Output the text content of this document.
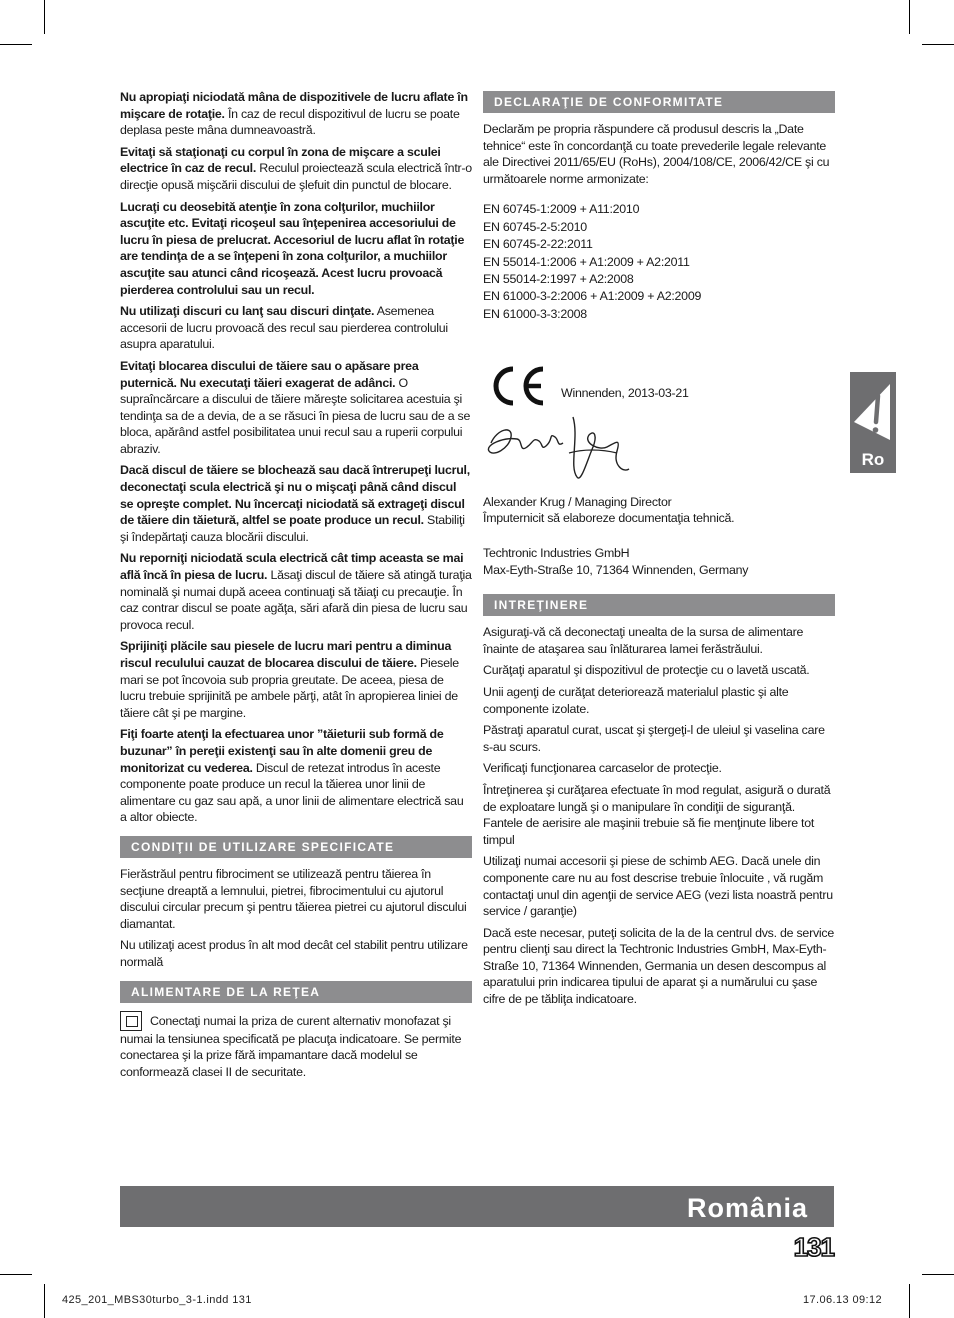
Nu apropiaţi niciodată mâna de dispozitivele de lucru aflate în mişcare de rotaţie. În caz de recul dispozitivul de lucru se poate deplasa peste mâna dumneavoastră.
Evitaţi să staţionaţi cu corpul în zona de mişcare a sculei electrice în caz de recul. Reculul proiectează scula electrică într-o direcţie opusă mişcării discului de şlefuit din punctul de blocare.
Lucraţi cu deosebită atenţie în zona colţurilor, muchiilor ascuţite etc. Evitaţi ricoşeul sau înţepenirea accesoriului de lucru în piesa de prelucrat. Accesoriul de lucru aflat în rotaţie are tendinţa de a se înţepeni în zona colţurilor, a muchiilor ascuţite sau atunci când ricoşează. Acest lucru provoacă pierderea controlului sau un recul.
Nu utilizaţi discuri cu lanţ sau discuri dinţate. Asemenea accesorii de lucru provoacă des recul sau pierderea controlului asupra aparatului.
Evitaţi blocarea discului de tăiere sau o apăsare prea puternică. Nu executaţi tăieri exagerat de adânci. O supraîncărcare a discului de tăiere măreşte solicitarea acestuia şi tendinţa sa de a devia, de a se răsuci în piesa de lucru sau de a se bloca, apărând astfel posibilitatea unui recul sau a ruperii corpului abraziv.
Dacă discul de tăiere se blochează sau dacă întrerupeţi lucrul, deconectaţi scula electrică şi nu o mişcaţi până când discul se opreşte complet. Nu încercaţi niciodată să extrageţi discul de tăiere din tăietură, altfel se poate produce un recul. Stabiliţi şi îndepărtaţi cauza blocării discului.
Nu reporniţi niciodată scula electrică cât timp aceasta se mai află încă în piesa de lucru. Lăsaţi discul de tăiere să atingă turaţia nominală şi numai după aceea continuaţi să tăiaţi cu precauţie. În caz contrar discul se poate agăţa, sări afară din piesa de lucru sau provoca recul.
Sprijiniţi plăcile sau piesele de lucru mari pentru a diminua riscul reculului cauzat de blocarea discului de tăiere. Piesele mari se pot încovoia sub propria greutate. De aceea, piesa de lucru trebuie sprijinită pe ambele părţi, atât în apropierea liniei de tăiere cât şi pe margine.
Fiţi foarte atenţi la efectuarea unor ”tăieturii sub formă de buzunar” în pereţii existenţi sau în alte domenii greu de monitorizat cu vederea. Discul de retezat introdus în aceste componente poate produce un recul la tăierea unor linii de alimentare cu gaz sau apă, a unor linii de alimentare electrică sau a altor obiecte.
CONDIŢII DE UTILIZARE SPECIFICATE
Fierăstrăul pentru fibrociment se utilizează pentru tăierea în secţiune dreaptă a lemnului, pietrei, fibrocimentului cu ajutorul discului circular precum şi pentru tăierea pietrei cu ajutorul discului diamantat.
Nu utilizaţi acest produs în alt mod decât cel stabilit pentru utilizare normală
ALIMENTARE DE LA REŢEA
Conectaţi numai la priza de curent alternativ monofazat şi numai la tensiunea specificată pe placuţa indicatoare. Se permite conectarea şi la prize fără impamantare dacă modelul se conformează clasei II de securitate.
DECLARAŢIE DE CONFORMITATE
Declarăm pe propria răspundere că produsul descris la „Date tehnice“ este în concordanţă cu toate prevederile legale relevante ale Directivei 2011/65/EU (RoHs), 2004/108/CE, 2006/42/CE şi cu următoarele norme armonizate:
EN 60745-1:2009 + A11:2010
EN 60745-2-5:2010
EN 60745-2-22:2011
EN 55014-1:2006 + A1:2009 + A2:2011
EN 55014-2:1997 + A2:2008
EN 61000-3-2:2006 + A1:2009 + A2:2009
EN 61000-3-3:2008
Winnenden, 2013-03-21
Alexander Krug / Managing Director
Împuternicit să elaboreze documentaţia tehnică.
Techtronic Industries GmbH
Max-Eyth-Straße 10, 71364 Winnenden, Germany
INTREŢINERE
Asiguraţi-vă că deconectaţi unealta de la sursa de alimentare înainte de ataşarea sau înlăturarea lamei ferăstrăului.
Curăţaţi aparatul şi dispozitivul de protecţie cu o lavetă uscată.
Unii agenţi de curăţat deteriorează materialul plastic şi alte componente izolate.
Păstraţi aparatul curat, uscat şi ştergeţi-l de uleiul şi vaselina care s-au scurs.
Verificaţi funcţionarea carcaselor de protecţie.
Întreţinerea şi curăţarea efectuate în mod regulat, asigură o durată de exploatare lungă şi o manipulare în condiţii de siguranţă.
Fantele de aerisire ale maşinii trebuie să fie menţinute libere tot timpul
Utilizaţi numai accesorii şi piese de schimb AEG. Dacă unele din componente care nu au fost descrise trebuie înlocuite , vă rugăm contactaţi unul din agenţii de service AEG (vezi lista noastră pentru service / garanţie)
Dacă este necesar, puteţi solicita de la de la centrul dvs. de service pentru clienţi sau direct la Techtronic Industries GmbH, Max-Eyth-Straße 10, 71364 Winnenden, Germania un desen descompus al aparatului prin indicarea tipului de aparat şi a numărului cu şase cifre de pe tăbliţa indicatoare.
Ro
România
131
425_201_MBS30turbo_3-1.indd 131	17.06.13 09:12
